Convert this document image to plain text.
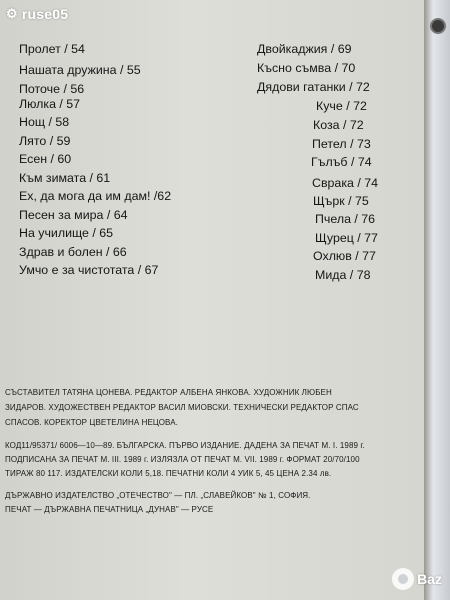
⚙ ruse05
Пролет / 54
Нашата дружина / 55
Поточе / 56
Люлка / 57
Нощ / 58
Лято / 59
Есен / 60
Към зимата / 61
Ех, да мога да им дам! /62
Песен за мира / 64
На училище / 65
Здрав и болен / 66
Умчо е за чистотата / 67
Двойкаджия / 69
Късно съмва / 70
Дядови гатанки / 72
Куче / 72
Коза / 72
Петел / 73
Гълъб / 74
Сврака / 74
Щърк / 75
Пчела / 76
Щурец / 77
Охлюв / 77
Мида / 78
СЪСТАВИТЕЛ ТАТЯНА ЦОНЕВА. РЕДАКТОР АЛБЕНА ЯНКОВА. ХУДОЖНИК ЛЮБЕН
ЗИДАРОВ. ХУДОЖЕСТВЕН РЕДАКТОР ВАСИЛ МИОВСКИ. ТЕХНИЧЕСКИ РЕДАКТОР СПАС
СПАСОВ. КОРЕКТОР ЦВЕТЕЛИНА НЕЦОВА.
КОД11/95371/ 6006—10—89. БЪЛГАРСКА. ПЪРВО ИЗДАНИЕ. ДАДЕНА ЗА ПЕЧАТ М. I. 1989 г.
ПОДПИСАНА ЗА ПЕЧАТ М. III. 1989 г. ИЗЛЯЗЛА ОТ ПЕЧАТ М. VII. 1989 г. ФОРМАТ 20/70/100
ТИРАЖ 80 117. ИЗДАТЕЛСКИ КОЛИ 5,18. ПЕЧАТНИ КОЛИ 4 УИК 5, 45 ЦЕНА 2.34 лв.
ДЪРЖАВНО ИЗДАТЕЛСТВО „ОТЕЧЕСТВО" — ПЛ. „СЛАВЕЙКОВ" № 1, СОФИЯ.
ПЕЧАТ — ДЪРЖАВНА ПЕЧАТНИЦА „ДУНАВ" — РУСЕ
Baz
